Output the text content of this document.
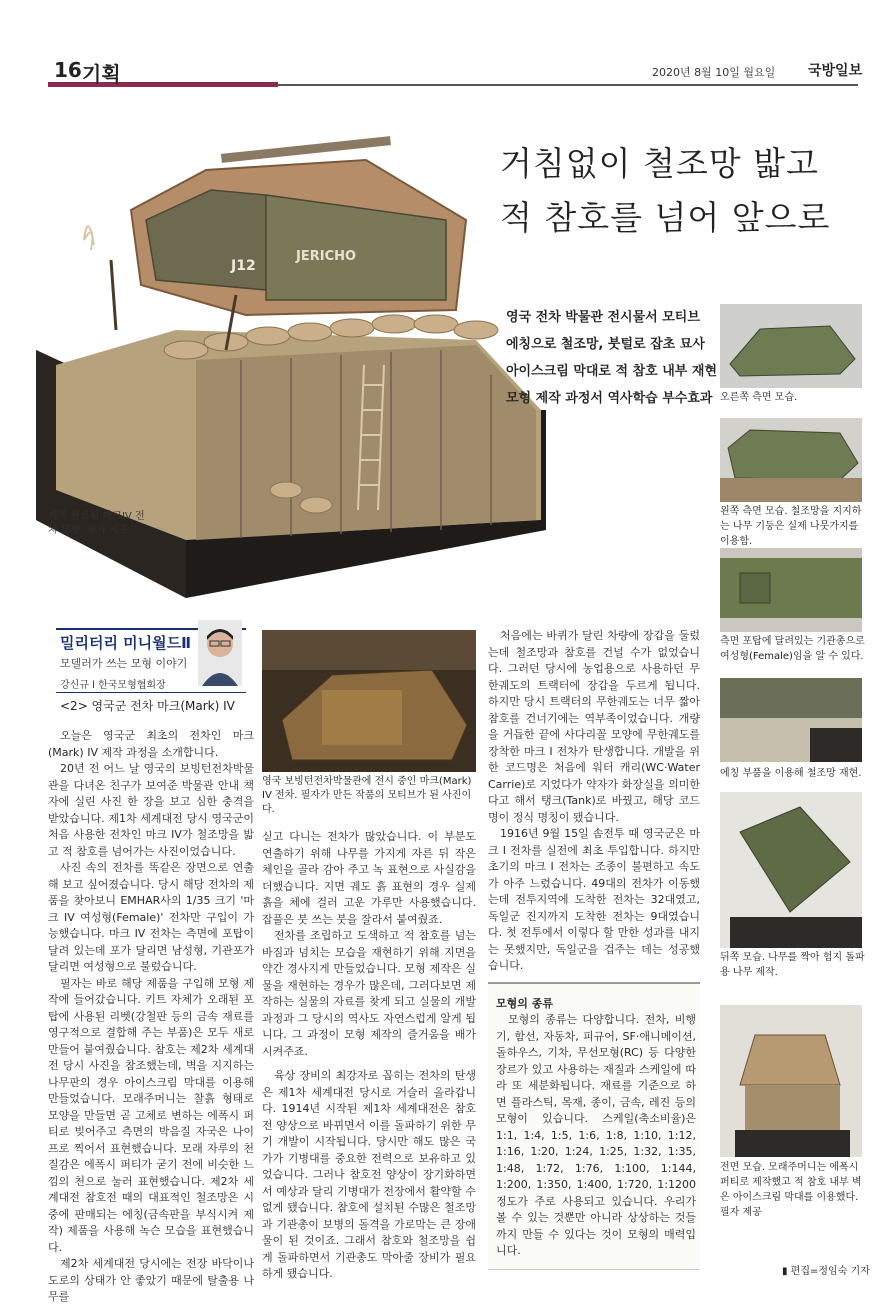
16 기획	2020년 8월 10일 월요일 국방일보
JERICHO
J12
제작 완료된 마크IV 전차 모형. 필자 제공
거침없이 철조망 밟고
적 참호를 넘어 앞으로
영국 전차 박물관 전시물서 모티브
에칭으로 철조망, 붓털로 잡초 묘사
아이스크림 막대로 적 참호 내부 재현
모형 제작 과정서 역사학습 부수효과 오른쪽 측면 모습.
왼쪽 측면 모습. 철조망을 지지하는 나무 기둥은 실제 나뭇가지를 이용함.
측면 포탑에 달려있는 기관총으로 여성형(Female)임을 알 수 있다.
에칭 부품을 이용해 철조망 재현.
뒤쪽 모습. 나무를 짝아 험지 돌파용 나무 제작.
전면 모습. 모래주머니는 에폭시 퍼티로 제작했고 적 참호 내부 벽은 아이스크림 막대를 이용했다. 필자 제공
밀리터리 미니월드Ⅱ
모델러가 쓰는 모형 이야기
강신규 l 한국모형협회장
<2> 영국군 전차 마크(Mark) IV

오늘은 영국군 최초의 전차인 마크(Mark) IV 제작 과정을 소개합니다.

20년 전 어느 날 영국의 보빙턴전차박물관을 다녀온 친구가 보여준 박물관 안내 책자에 실린 사진 한 장을 보고 심한 충격을 받았습니다. 제1차 세계대전 당시 영국군이 처음 사용한 전차인 마크 IV가 철조망을 밟고 적 참호를 넘어가는 사진이었습니다.

사진 속의 전차를 똑같은 장면으로 연출해 보고 싶어졌습니다. 당시 해당 전차의 제품을 찾아보니 EMHAR사의 1/35 크기 '마크 IV 여성형(Female)' 전차만 구입이 가능했습니다. 마크 IV 전차는 측면에 포탑이 달려 있는데 포가 달리면 남성형, 기관포가 달리면 여성형으로 불렀습니다.

필자는 바로 해당 제품을 구입해 모형 제작에 들어갔습니다. 키트 자체가 오래된 포탑에 사용된 리벳(강철판 등의 금속 재료를 영구적으로 결합해 주는 부품)은 모두 새로 만들어 붙여줬습니다. 참호는 제2차 세계대전 당시 사진을 참조했는데, 벽을 지지하는 나무판의 경우 아이스크림 막대를 이용해 만들었습니다. 모래주머니는 찰흙 형태로 모양을 만들면 곧 고체로 변하는 에폭시 퍼티로 빚어주고 측면의 박음질 자국은 나이프로 찍어서 표현했습니다. 모래 자루의 천 질감은 에폭시 퍼티가 굳기 전에 비슷한 느낌의 천으로 눌러 표현했습니다. 제2차 세계대전 참호전 때의 대표적인 철조망은 시중에 판매되는 에칭(금속판을 부식시켜 제작) 제품을 사용해 녹슨 모습을 표현했습니다.

제2차 세계대전 당시에는 전장 바닥이나 도로의 상태가 안 좋았기 때문에 탈출용 나무를

영국 보빙턴전차박물관에 전시 중인 마크(Mark) IV 전차. 필자가 만든 작품의 모티브가 된 사진이다.

싣고 다니는 전차가 많았습니다. 이 부분도 연출하기 위해 나무를 가지게 자른 뒤 작은 체인을 골라 감아 주고 녹 표현으로 사실감을 더했습니다. 지면 궤도 흙 표현의 경우 실제 흙을 체에 걸러 고운 가루만 사용했습니다. 잡풀은 붓 쓰는 붓을 잘라서 붙여줬죠.

전차를 조립하고 도색하고 적 참호를 넘는 바짐과 넘치는 모습을 재현하기 위해 지면을 약간 경사지게 만들었습니다. 모형 제작은 실물을 재현하는 경우가 많은데, 그러다보면 제작하는 실물의 자료를 찾게 되고 실물의 개발 과정과 그 당시의 역사도 자연스럽게 알게 됩니다. 그 과정이 모형 제작의 즐거움을 배가시켜주죠.

육상 장비의 최강자로 꼽히는 전차의 탄생은 제1차 세계대전 당시로 거슬러 올라갑니다. 1914년 시작된 제1차 세계대전은 참호전 양상으로 바뀌면서 이를 돌파하기 위한 무기 개발이 시작됩니다. 당시만 해도 많은 국가가 기병대를 중요한 전력으로 보유하고 있었습니다. 그러나 참호전 양상이 장기화하면서 예상과 달리 기병대가 전장에서 활약할 수 없게 됐습니다. 참호에 설치된 수많은 철조망과 기관총이 보병의 돌격을 가로막는 큰 장애물이 된 것이죠. 그래서 참호와 철조망을 쉽게 돌파하면서 기관총도 막아줄 장비가 필요하게 됐습니다.

처음에는 바퀴가 달린 차량에 장갑을 둘렀는데 철조망과 참호를 건널 수가 없었습니다. 그러던 당시에 농업용으로 사용하던 무한궤도의 트랙터에 장갑을 두르게 됩니다. 하지만 당시 트랙터의 무한궤도는 너무 짧아 참호를 건너기에는 역부족이었습니다. 개량을 거듭한 끝에 사다리꼴 모양에 무한궤도를 장착한 마크 I 전차가 탄생합니다. 개발을 위한 코드명은 처음에 워터 캐리(WC·Water Carrie)로 지었다가 약자가 화장실을 의미한다고 해서 탱크(Tank)로 바꿨고, 해당 코드명이 정식 명칭이 됐습니다.

1916년 9월 15일 솜전투 때 영국군은 마크 I 전차를 실전에 최초 투입합니다. 하지만 초기의 마크 I 전차는 조종이 불편하고 속도가 아주 느렸습니다. 49대의 전차가 이동했는데 전투지역에 도착한 전차는 32대였고, 독일군 진지까지 도착한 전차는 9대였습니다. 첫 전투에서 이렇다 할 만한 성과를 내지는 못했지만, 독일군을 겁주는 데는 성공했습니다.

모형의 종류

모형의 종류는 다양합니다. 전차, 비행기, 함선, 자동차, 피규어, SF·애니메이션, 돌하우스, 기차, 무선모형(RC) 등 다양한 장르가 있고 사용하는 재질과 스케일에 따라 또 세분화됩니다. 재료를 기준으로 하면 플라스틱, 목재, 종이, 금속, 레진 등의 모형이 있습니다. 스케일(축소비율)은 1:1, 1:4, 1:5, 1:6, 1:8, 1:10, 1:12, 1:16, 1:20, 1:24, 1:25, 1:32, 1:35, 1:48, 1:72, 1:76, 1:100, 1:144, 1:200, 1:350, 1:400, 1:720, 1:1200 정도가 주로 사용되고 있습니다. 우리가 볼 수 있는 것뿐만 아니라 상상하는 것들까지 만들 수 있다는 것이 모형의 매력입니다.

▮ 편집=정임숙 기자
